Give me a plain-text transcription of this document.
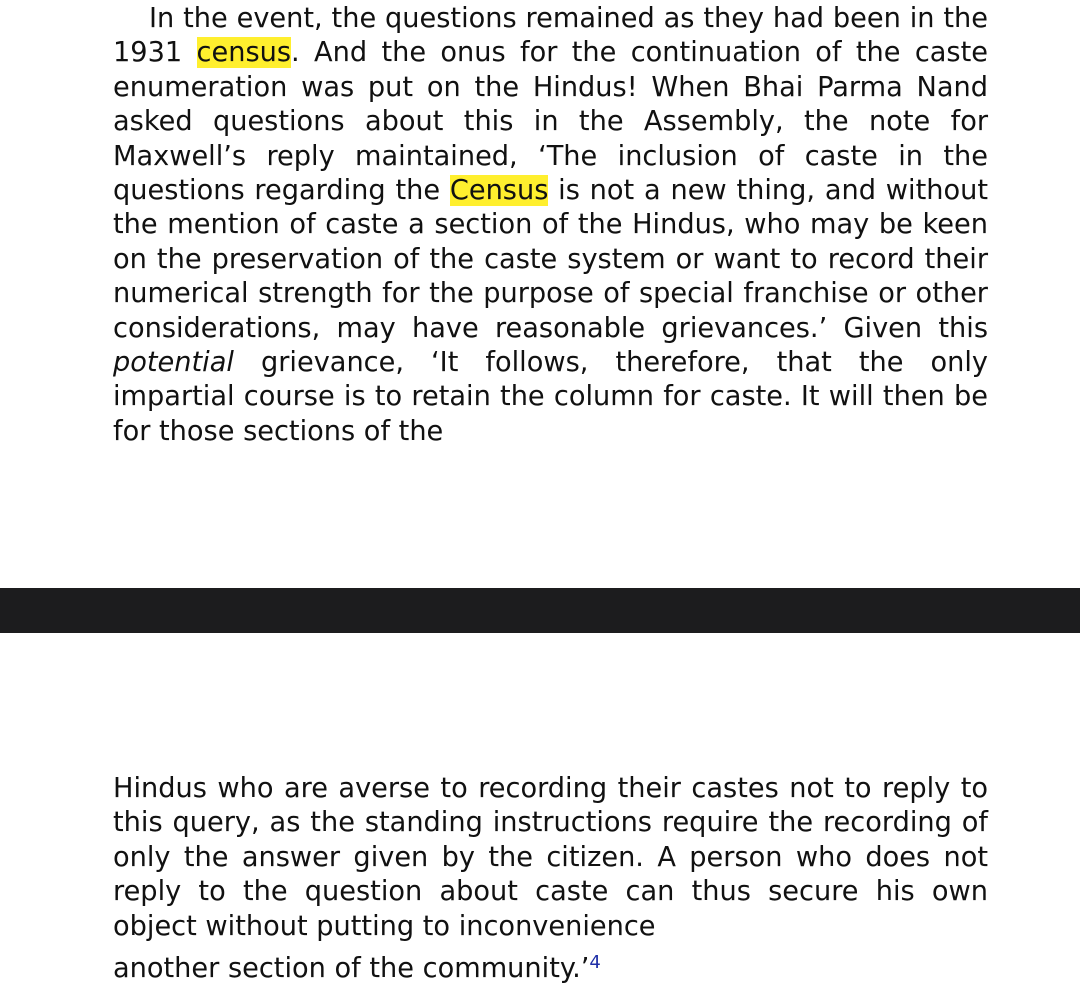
In the event, the questions remained as they had been in the 1931 census. And the onus for the continuation of the caste enumeration was put on the Hindus! When Bhai Parma Nand asked questions about this in the Assembly, the note for Maxwell’s reply maintained, ‘The inclusion of caste in the questions regarding the Census is not a new thing, and without the mention of caste a section of the Hindus, who may be keen on the preservation of the caste system or want to record their numerical strength for the purpose of special franchise or other considerations, may have reasonable grievances.’ Given this potential grievance, ‘It follows, therefore, that the only impartial course is to retain the column for caste. It will then be for those sections of the

Hindus who are averse to recording their castes not to reply to this query, as the standing instructions require the recording of only the answer given by the citizen. A person who does not reply to the question about caste can thus secure his own object without putting to inconvenience
another section of the community.’$^4$
